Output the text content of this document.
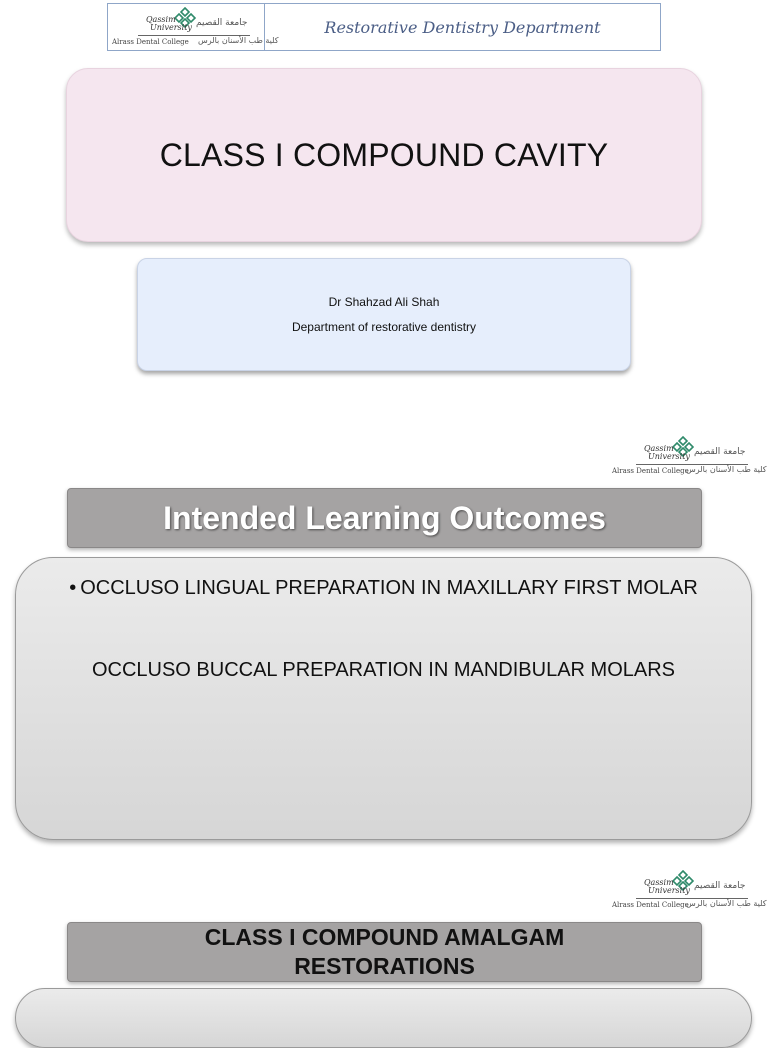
Qassim
University جامعة القصيم
Alrass Dental College كلية طب الأسنان بالرس
Restorative Dentistry Department
CLASS I COMPOUND CAVITY
Dr Shahzad Ali Shah
Department of restorative dentistry
Qassim
University جامعة القصيم
Alrass Dental College
كلية طب الأسنان بالرس
Intended Learning Outcomes
• OCCLUSO LINGUAL PREPARATION IN MAXILLARY FIRST MOLAR
OCCLUSO BUCCAL PREPARATION IN MANDIBULAR MOLARS
Qassim
University جامعة القصيم
Alrass Dental College
كلية طب الأسنان بالرس
CLASS I COMPOUND AMALGAM
RESTORATIONS
